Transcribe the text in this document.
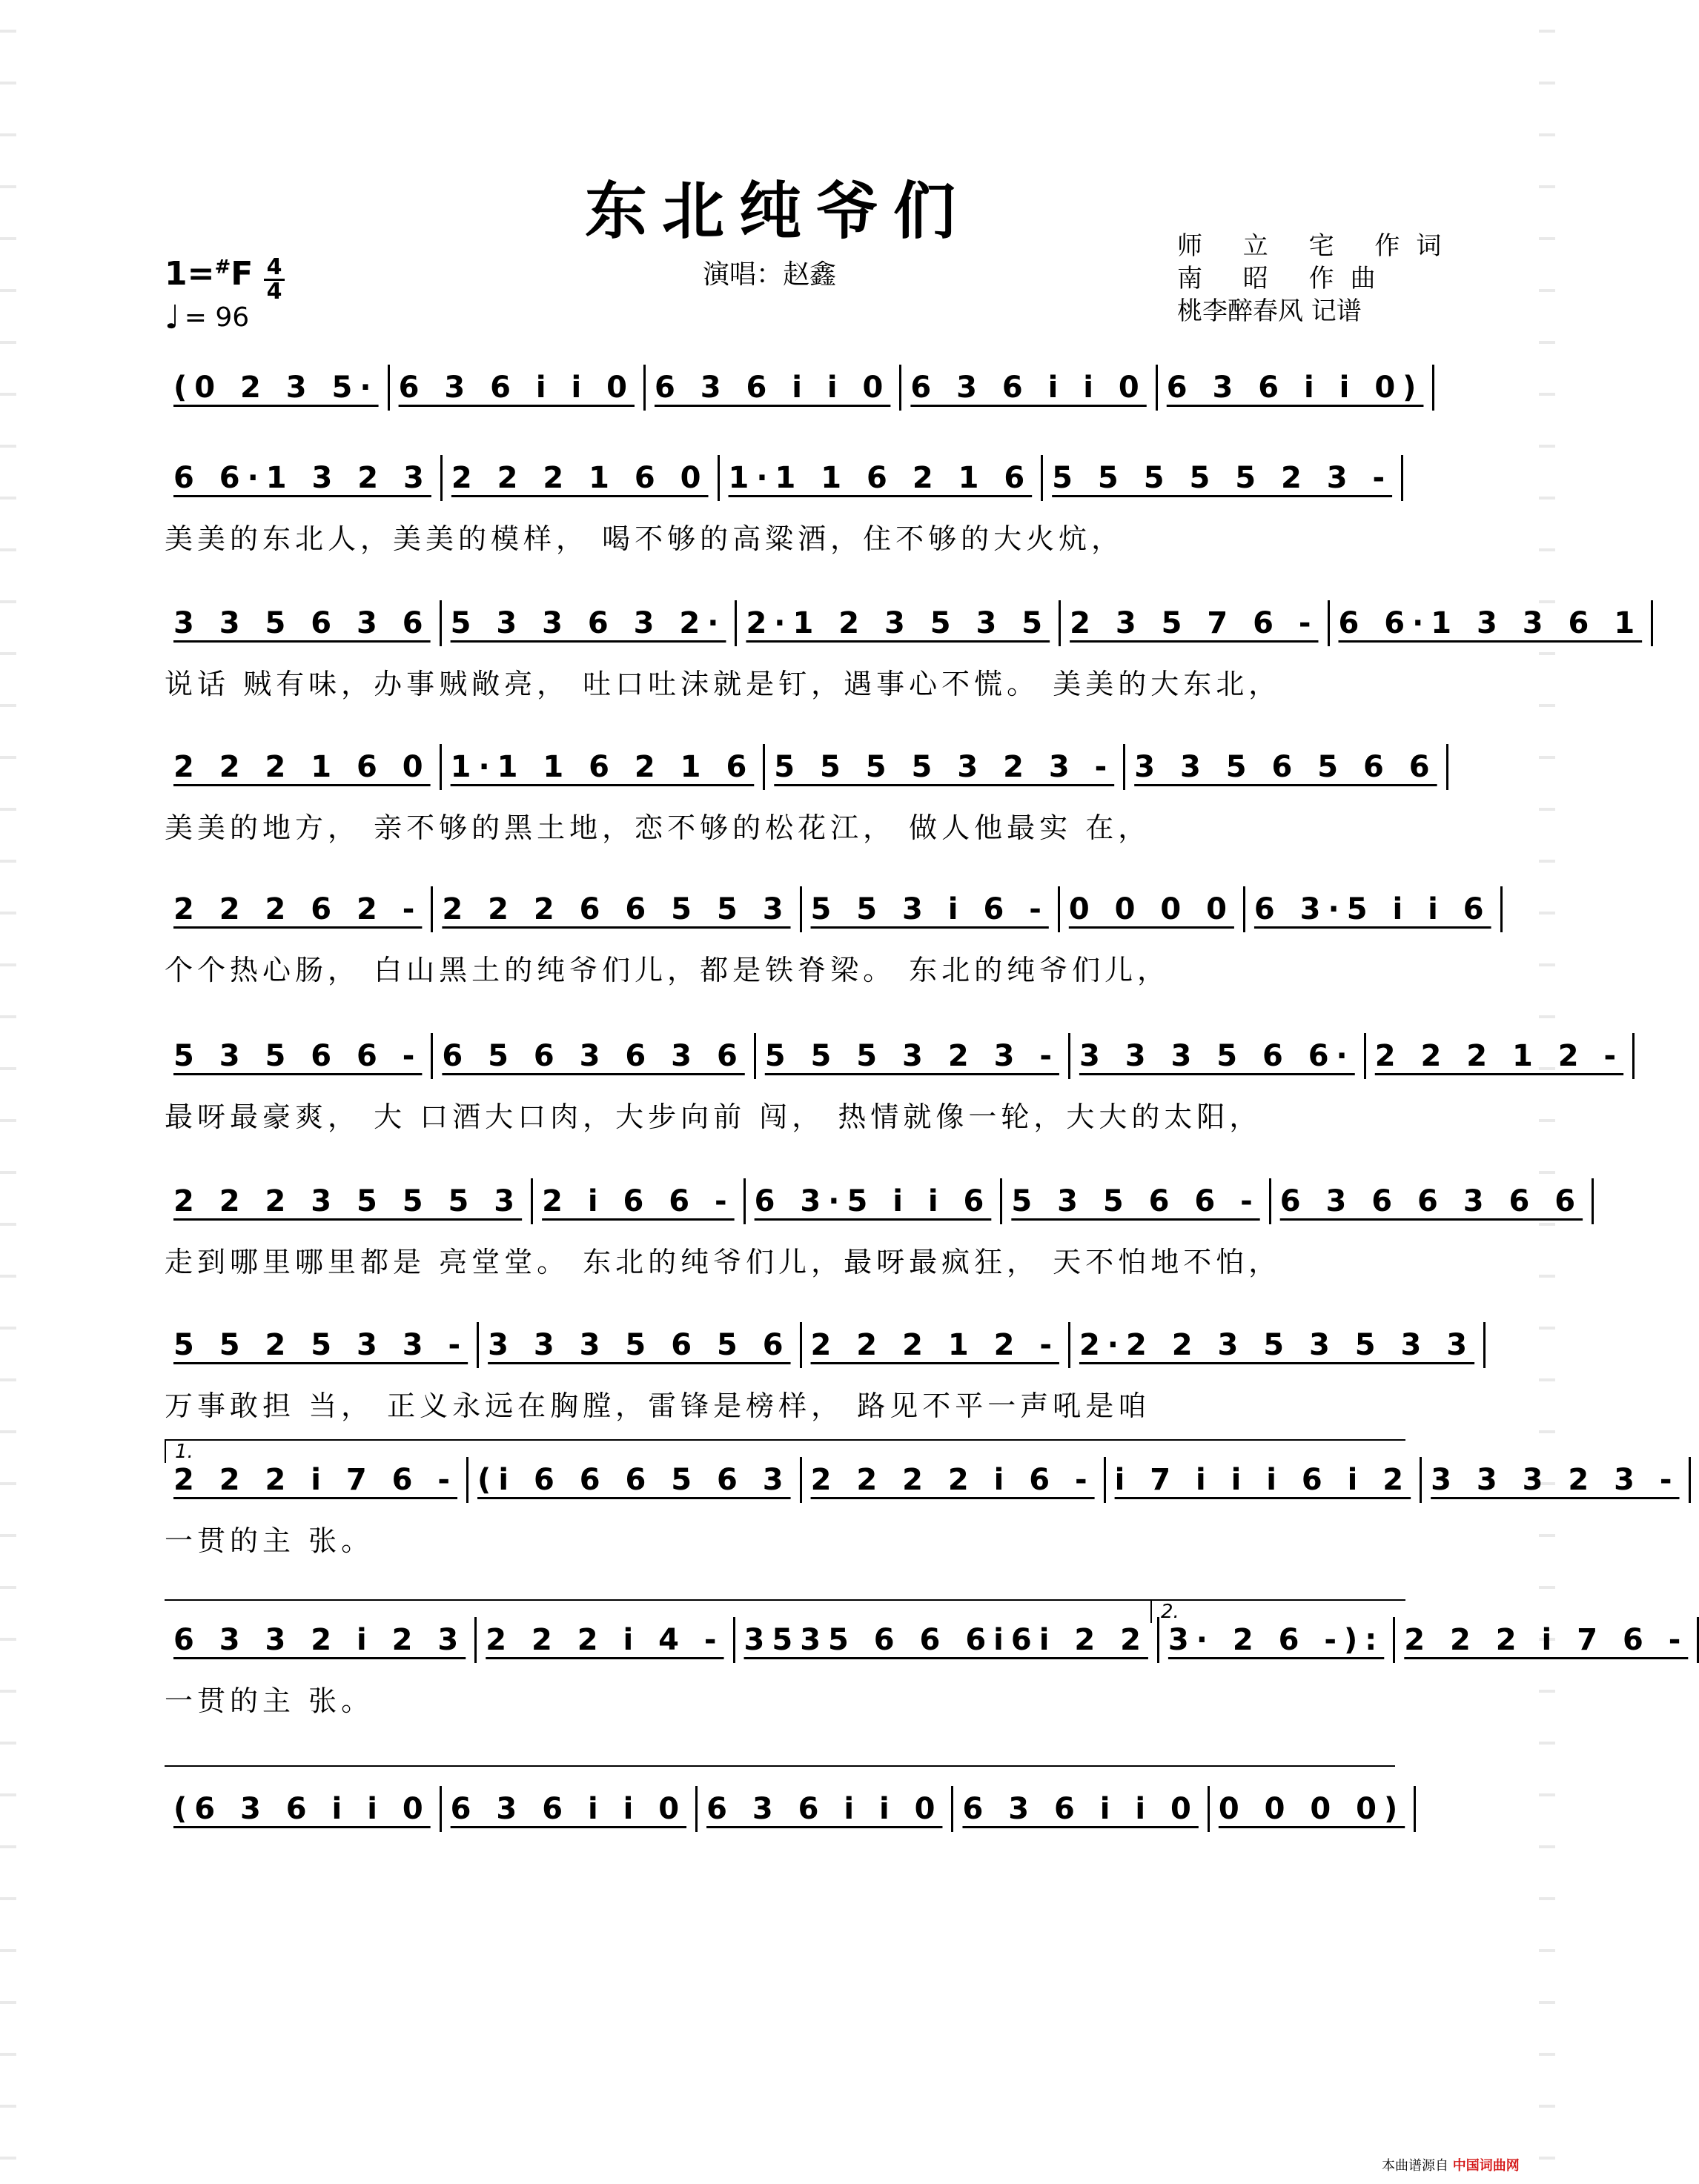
东北纯爷们
演唱：赵鑫
师 立 宅 作词
南 昭 作曲
桃李醉春风 记谱
1=#F 4
4
♩ = 96
(0 2 3 5· 6 3 6 i i 0 6 3 6 i i 0 6 3 6 i i 0 6 3 6 i i 0)
6 6·1 3 2 3 2 2 2 1 6 0 1·1 1 6 2 1 6 5 5 5 5 5 2 3 -
美美的东北人，美美的模样， 喝不够的高粱酒，住不够的大火炕，
3 3 5 6 3 6 5 3 3 6 3 2· 2·1 2 3 5 3 5 2 3 5 7 6 - 6 6·1 3 3 6 1
说话 贼有味，办事贼敞亮， 吐口吐沫就是钉，遇事心不慌。 美美的大东北，
2 2 2 1 6 0 1·1 1 6 2 1 6 5 5 5 5 3 2 3 - 3 3 5 6 5 6 6
美美的地方， 亲不够的黑土地，恋不够的松花江， 做人他最实 在，
2 2 2 6 2 - 2 2 2 6 6 5 5 3 5 5 3 i 6 - 0 0 0 0 6 3·5 i i 6
个个热心肠， 白山黑土的纯爷们儿，都是铁脊梁。 东北的纯爷们儿，
5 3 5 6 6 - 6 5 6 3 6 3 6 5 5 5 3 2 3 - 3 3 3 5 6 6· 2 2 2 1 2 -
最呀最豪爽， 大 口酒大口肉，大步向前 闯， 热情就像一轮，大大的太阳，
2 2 2 3 5 5 5 3 2 i 6 6 - 6 3·5 i i 6 5 3 5 6 6 - 6 3 6 6 3 6 6
走到哪里哪里都是 亮堂堂。 东北的纯爷们儿，最呀最疯狂， 天不怕地不怕，
5 5 2 5 3 3 - 3 3 3 5 6 5 6 2 2 2 1 2 - 2·2 2 3 5 3 5 3 3
万事敢担 当， 正义永远在胸膛，雷锋是榜样， 路见不平一声吼是咱
2 2 2 i 7 6 - (i 6 6 6 5 6 3 2 2 2 2 i 6 - i 7 i i i 6 i 2 3 3 3 2 3 -
一贯的主 张。
6 3 3 2 i 2 3 2 2 2 i 4 - 3535 6 6 6i6i 2 2 3· 2 6 -): 2 2 2 i 7 6 -
一贯的主 张。
(6 3 6 i i 0 6 3 6 i i 0 6 3 6 i i 0 6 3 6 i i 0 0 0 0 0)
1.
2.
本曲谱源自 中国词曲网
